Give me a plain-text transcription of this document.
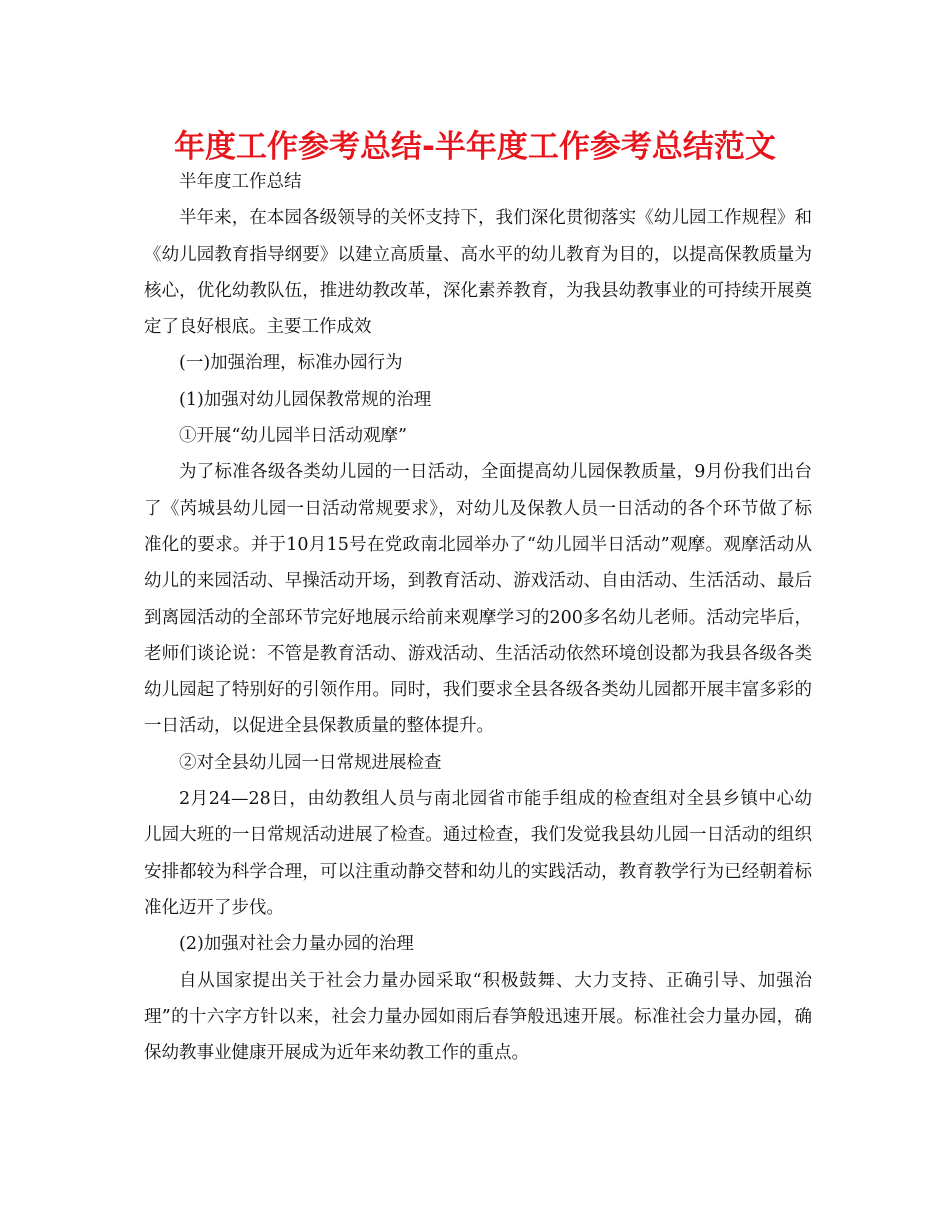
年度工作参考总结-半年度工作参考总结范文

半年度工作总结

半年来，在本园各级领导的关怀支持下，我们深化贯彻落实《幼儿园工作规程》和《幼儿园教育指导纲要》以建立高质量、高水平的幼儿教育为目的，以提高保教质量为核心，优化幼教队伍，推进幼教改革，深化素养教育，为我县幼教事业的可持续开展奠定了良好根底。主要工作成效

(一)加强治理，标准办园行为

(1)加强对幼儿园保教常规的治理

①开展“幼儿园半日活动观摩”

为了标准各级各类幼儿园的一日活动，全面提高幼儿园保教质量，9月份我们出台了《芮城县幼儿园一日活动常规要求》，对幼儿及保教人员一日活动的各个环节做了标准化的要求。并于10月15号在党政南北园举办了“幼儿园半日活动”观摩。观摩活动从幼儿的来园活动、早操活动开场，到教育活动、游戏活动、自由活动、生活活动、最后到离园活动的全部环节完好地展示给前来观摩学习的200多名幼儿老师。活动完毕后，老师们谈论说：不管是教育活动、游戏活动、生活活动依然环境创设都为我县各级各类幼儿园起了特别好的引领作用。同时，我们要求全县各级各类幼儿园都开展丰富多彩的一日活动，以促进全县保教质量的整体提升。

②对全县幼儿园一日常规进展检查

2月24—28日，由幼教组人员与南北园省市能手组成的检查组对全县乡镇中心幼儿园大班的一日常规活动进展了检查。通过检查，我们发觉我县幼儿园一日活动的组织安排都较为科学合理，可以注重动静交替和幼儿的实践活动，教育教学行为已经朝着标准化迈开了步伐。

(2)加强对社会力量办园的治理

自从国家提出关于社会力量办园采取“积极鼓舞、大力支持、正确引导、加强治理”的十六字方针以来，社会力量办园如雨后春笋般迅速开展。标准社会力量办园，确保幼教事业健康开展成为近年来幼教工作的重点。
